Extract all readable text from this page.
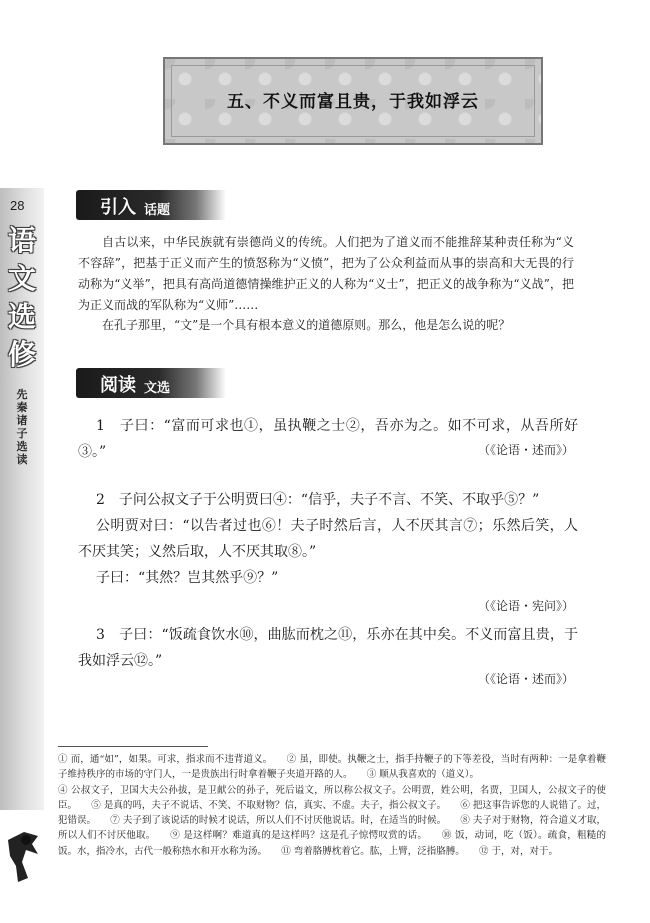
28
语
文
选
修
先
秦
诸
子
选
读
五、不义而富且贵，于我如浮云
引入 话题

自古以来，中华民族就有崇德尚义的传统。人们把为了道义而不能推辞某种责任称为“义不容辞”，把基于正义而产生的愤怒称为“义愤”，把为了公众利益而从事的崇高和大无畏的行动称为“义举”，把具有高尚道德情操维护正义的人称为“义士”，把正义的战争称为“义战”，把为正义而战的军队称为“义师”……

在孔子那里，“文”是一个具有根本意义的道德原则。那么，他是怎么说的呢？

阅读 文选

1　子曰：“富而可求也①，虽执鞭之士②，吾亦为之。如不可求，从吾所好③。”	（《论语・述而》）

2　子问公叔文子于公明贾曰④：“信乎，夫子不言、不笑、不取乎⑤？”

公明贾对曰：“以告者过也⑥！夫子时然后言，人不厌其言⑦；乐然后笑，人不厌其笑；义然后取，人不厌其取⑧。”

子曰：“其然？岂其然乎⑨？”

（《论语・宪问》）

3　子曰：“饭疏食饮水⑩，曲肱而枕之⑪，乐亦在其中矣。不义而富且贵，于我如浮云⑫。”

（《论语・述而》）

① 而，通“如”，如果。可求，指求而不违背道义。　　② 虽，即使。执鞭之士，指手持鞭子的下等差役，当时有两种：一是拿着鞭子维持秩序的市场的守门人，一是贵族出行时拿着鞭子夹道开路的人。　　③ 顺从我喜欢的（道义）。

④ 公叔文子，卫国大夫公孙拔，是卫献公的孙子，死后谥文，所以称公叔文子。公明贾，姓公明，名贾，卫国人，公叔文子的使臣。　　⑤ 是真的吗，夫子不说话、不笑、不取财物？信，真实、不虚。夫子，指公叔文子。　　⑥ 把这事告诉您的人说错了。过，犯错误。　　⑦ 夫子到了该说话的时候才说话，所以人们不讨厌他说话。时，在适当的时候。　　⑧ 夫子对于财物，符合道义才取，所以人们不讨厌他取。　　⑨ 是这样啊？难道真的是这样吗？这是孔子惊愕叹赏的话。　　⑩ 饭，动词，吃（饭）。疏食，粗糙的饭。水，指冷水，古代一般称热水和开水称为汤。　　⑪ 弯着胳膊枕着它。肱，上臂，泛指胳膊。　　⑫ 于，对，对于。
